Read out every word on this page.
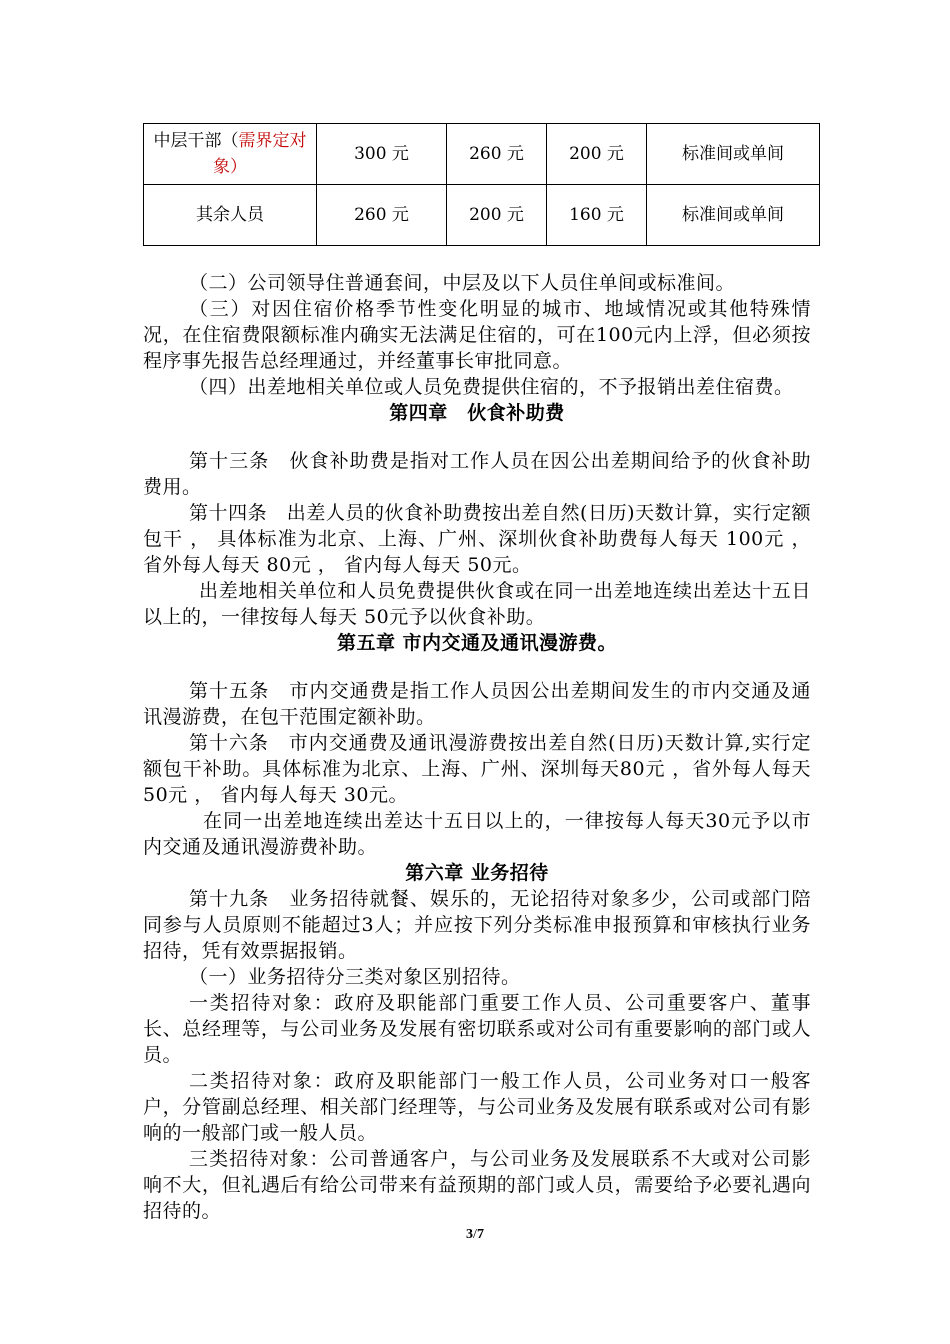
中层干部（需界定对象）	300 元	260 元	200 元	标准间或单间
其余人员	260 元	200 元	160 元	标准间或单间

（二）公司领导住普通套间，中层及以下人员住单间或标准间。

（三）对因住宿价格季节性变化明显的城市、地域情况或其他特殊情况，在住宿费限额标准内确实无法满足住宿的，可在100元内上浮，但必须按程序事先报告总经理通过，并经董事长审批同意。

（四）出差地相关单位或人员免费提供住宿的，不予报销出差住宿费。

第四章　伙食补助费

第十三条　伙食补助费是指对工作人员在因公出差期间给予的伙食补助费用。

第十四条　出差人员的伙食补助费按出差自然(日历)天数计算，实行定额包干 ， 具体标准为北京、上海、广州、深圳伙食补助费每人每天 100元 ， 省外每人每天 80元 ， 省内每人每天 50元。

出差地相关单位和人员免费提供伙食或在同一出差地连续出差达十五日以上的，一律按每人每天 50元予以伙食补助。

第五章 市内交通及通讯漫游费。

第十五条　市内交通费是指工作人员因公出差期间发生的市内交通及通讯漫游费，在包干范围定额补助。

第十六条　市内交通费及通讯漫游费按出差自然(日历)天数计算,实行定额包干补助。具体标准为北京、上海、广州、深圳每天80元 ，省外每人每天 50元 ， 省内每人每天 30元。

在同一出差地连续出差达十五日以上的，一律按每人每天30元予以市内交通及通讯漫游费补助。

第六章 业务招待

第十九条　业务招待就餐、娱乐的，无论招待对象多少，公司或部门陪同参与人员原则不能超过3人；并应按下列分类标准申报预算和审核执行业务招待，凭有效票据报销。

（一）业务招待分三类对象区别招待。

一类招待对象：政府及职能部门重要工作人员、公司重要客户、董事长、总经理等，与公司业务及发展有密切联系或对公司有重要影响的部门或人员。

二类招待对象：政府及职能部门一般工作人员，公司业务对口一般客户，分管副总经理、相关部门经理等，与公司业务及发展有联系或对公司有影响的一般部门或一般人员。

三类招待对象：公司普通客户，与公司业务及发展联系不大或对公司影响不大，但礼遇后有给公司带来有益预期的部门或人员，需要给予必要礼遇向招待的。

3/7
